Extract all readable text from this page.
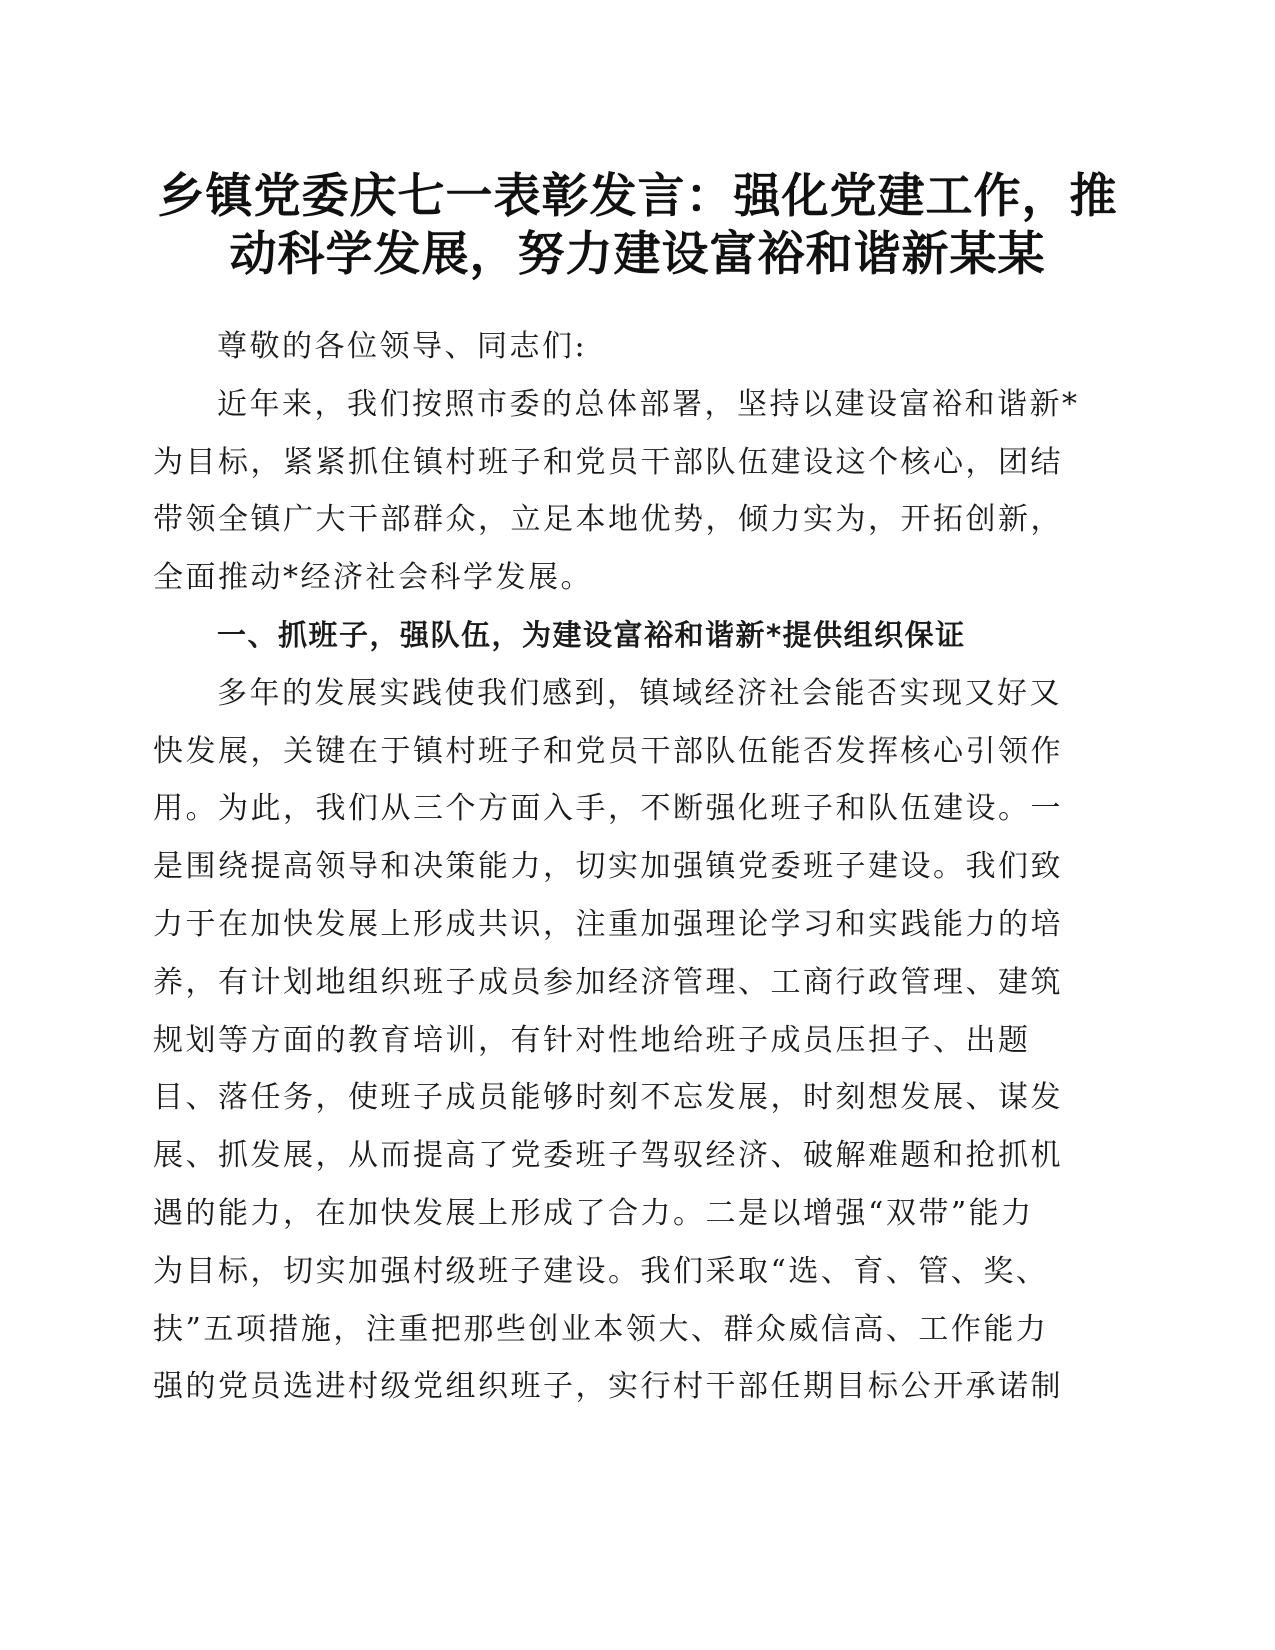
乡镇党委庆七一表彰发言：强化党建工作，推
动科学发展，努力建设富裕和谐新某某
尊敬的各位领导、同志们:
近年来，我们按照市委的总体部署，坚持以建设富裕和谐新*
为目标，紧紧抓住镇村班子和党员干部队伍建设这个核心，团结
带领全镇广大干部群众，立足本地优势，倾力实为，开拓创新，
全面推动*经济社会科学发展。
一、抓班子，强队伍，为建设富裕和谐新*提供组织保证
多年的发展实践使我们感到，镇域经济社会能否实现又好又
快发展，关键在于镇村班子和党员干部队伍能否发挥核心引领作
用。为此，我们从三个方面入手，不断强化班子和队伍建设。一
是围绕提高领导和决策能力，切实加强镇党委班子建设。我们致
力于在加快发展上形成共识，注重加强理论学习和实践能力的培
养，有计划地组织班子成员参加经济管理、工商行政管理、建筑
规划等方面的教育培训，有针对性地给班子成员压担子、出题
目、落任务，使班子成员能够时刻不忘发展，时刻想发展、谋发
展、抓发展，从而提高了党委班子驾驭经济、破解难题和抢抓机
遇的能力，在加快发展上形成了合力。二是以增强“双带”能力
为目标，切实加强村级班子建设。我们采取“选、育、管、奖、
扶”五项措施，注重把那些创业本领大、群众威信高、工作能力
强的党员选进村级党组织班子，实行村干部任期目标公开承诺制
